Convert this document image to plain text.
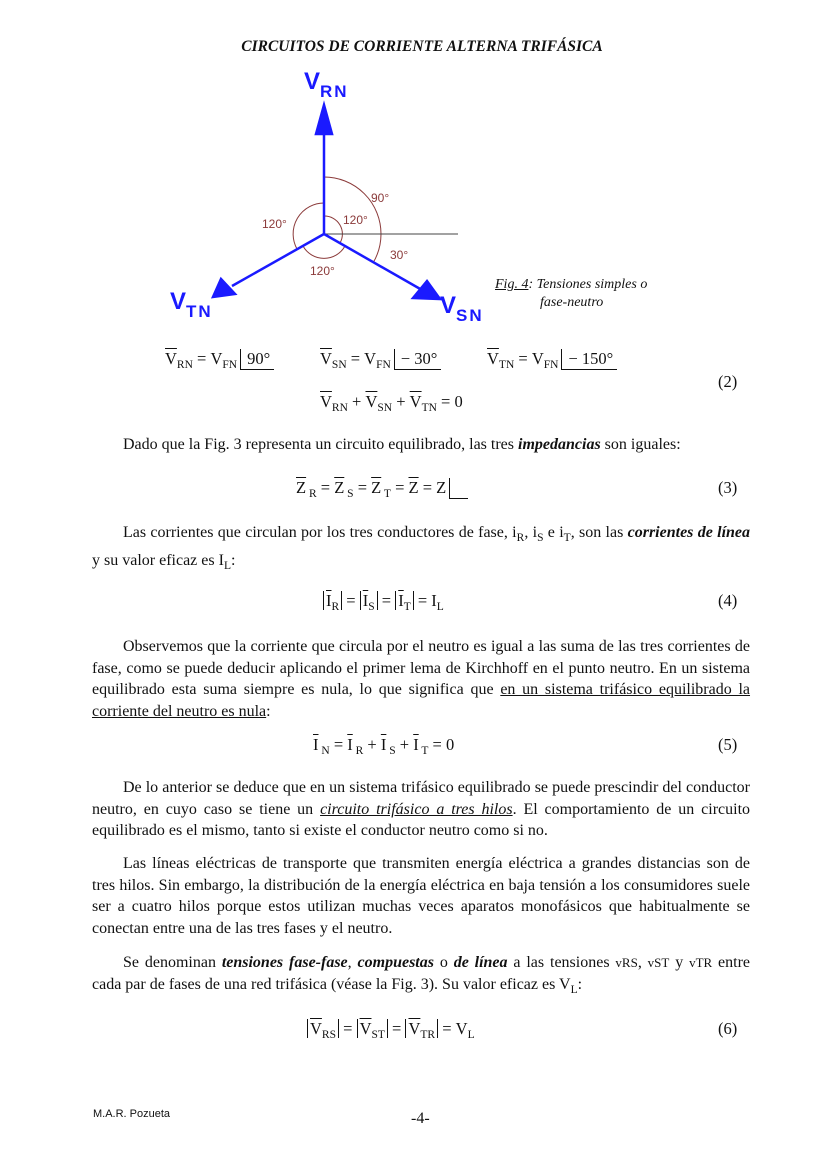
CIRCUITOS DE CORRIENTE ALTERNA TRIFÁSICA
VRN
VSN
VTN
90°
120°
120°
120°
30°
Fig. 4: Tensiones simples o
fase-neutro
$\overline{V}_{RN} = V_{FN}$ 90°	$\overline{V}_{SN} = V_{FN} - 30^\circ$	$\overline{V}_{TN} = V_{FN} - 150^\circ$
$\overline{V}_{RN} + \overline{V}_{SN} + \overline{V}_{TN} = 0$
(2)
Dado que la Fig. 3 representa un circuito equilibrado, las tres impedancias son iguales:
$\overline{Z}$ $_R = \overline{Z}$ $_S = \overline{Z}$ $_T = \overline{Z} = Z$	(3)
Las corrientes que circulan por los tres conductores de fase, $i_R$, $i_S$ e $i_T$, son las corrientes de línea y su valor eficaz es $I_L$:
$\overline{I}_R = \overline{I}_S = \overline{I}_T = I_L$	(4)
Observemos que la corriente que circula por el neutro es igual a las suma de las tres corrientes de fase, como se puede deducir aplicando el primer lema de Kirchhoff en el punto neutro. En un sistema equilibrado esta suma siempre es nula, lo que significa que en un sistema trifásico equilibrado la corriente del neutro es nula:
$\overline{I}$ $_N = \overline{I}$ $_R + \overline{I}$ $_S + \overline{I}$ $_T$ = 0	(5)
De lo anterior se deduce que en un sistema trifásico equilibrado se puede prescindir del conductor neutro, en cuyo caso se tiene un circuito trifásico a tres hilos. El comportamiento de un circuito equilibrado es el mismo, tanto si existe el conductor neutro como si no.
Las líneas eléctricas de transporte que transmiten energía eléctrica a grandes distancias son de tres hilos. Sin embargo, la distribución de la energía eléctrica en baja tensión a los consumidores suele ser a cuatro hilos porque estos utilizan muchas veces aparatos monofásicos que habitualmente se conectan entre una de las tres fases y el neutro.
Se denominan tensiones fase-fase, compuestas o de línea a las tensiones vRS, vST y vTR entre cada par de fases de una red trifásica (véase la Fig. 3). Su valor eficaz es $V_L$:
$\overline{V}_{RS} = \overline{V}_{ST} = \overline{V}_{TR} = V_L$	(6)
M.A.R. Pozueta	-4-
